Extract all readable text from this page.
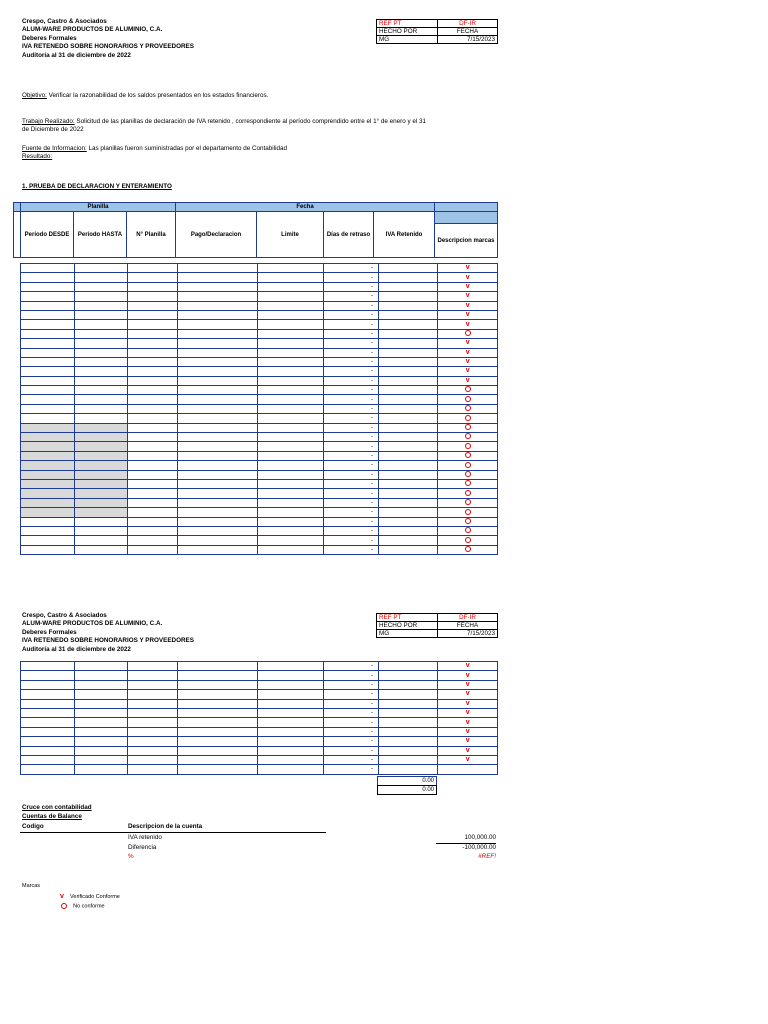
Crespo, Castro & Asociados
ALUM-WARE PRODUCTOS DE ALUMINIO, C.A.
Deberes Formales
IVA RETENEDO SOBRE HONORARIOS Y PROVEEDORES
Auditoría al 31 de diciembre de 2022
REF PT	DF-IR
HECHO POR	FECHA
MG	7/15/2023
Objetivo: Verificar la razonabilidad de los saldos presentados en los estados financieros.
Trabajo Realizado: Solicitud de las planillas de declaración de IVA retenido , correspondiente al período comprendido entre el 1° de enero y el 31
de Diciembre de 2022
Fuente de Informacion: Las planillas fueron suministradas por el departamento de Contabilidad
Resultado:
1. PRUEBA DE DECLARACION Y ENTERAMIENTO
	Planilla			Fecha				
	Período DESDE	Período HASTA	N° Planilla	Pago/Declaracion	Limite	Días de retraso	IVA Retenido	
								Descripcion marcas
					-		v
					-		v
					-		v
					-		v
					-		v
					-		v
					-		v
					-		
					-		v
					-		v
					-		v
					-		v
					-		v
					-		
					-		
					-		
					-		
					-		
					-		
					-		
					-		
					-		
					-		
					-		
					-		
					-		
					-		
					-		
					-		
					-		
					-		
Crespo, Castro & Asociados
ALUM-WARE PRODUCTOS DE ALUMINIO, C.A.
Deberes Formales
IVA RETENEDO SOBRE HONORARIOS Y PROVEEDORES
Auditoría al 31 de diciembre de 2022
REF PT	DF-IR
HECHO POR	FECHA
MG	7/15/2023
					-		v
					-		v
					-		v
					-		v
					-		v
					-		v
					-		v
					-		v
					-		v
					-		v
					-		v
					-		
0.00
0.00
Cruce con contabilidad
Cuentas de Balance
Codigo	Descripcion de la cuenta
IVA retenido	100,000.00
Diferencia	-100,000.00
%	#REF!
Marcas
v Verificado Conforme
No conforme
